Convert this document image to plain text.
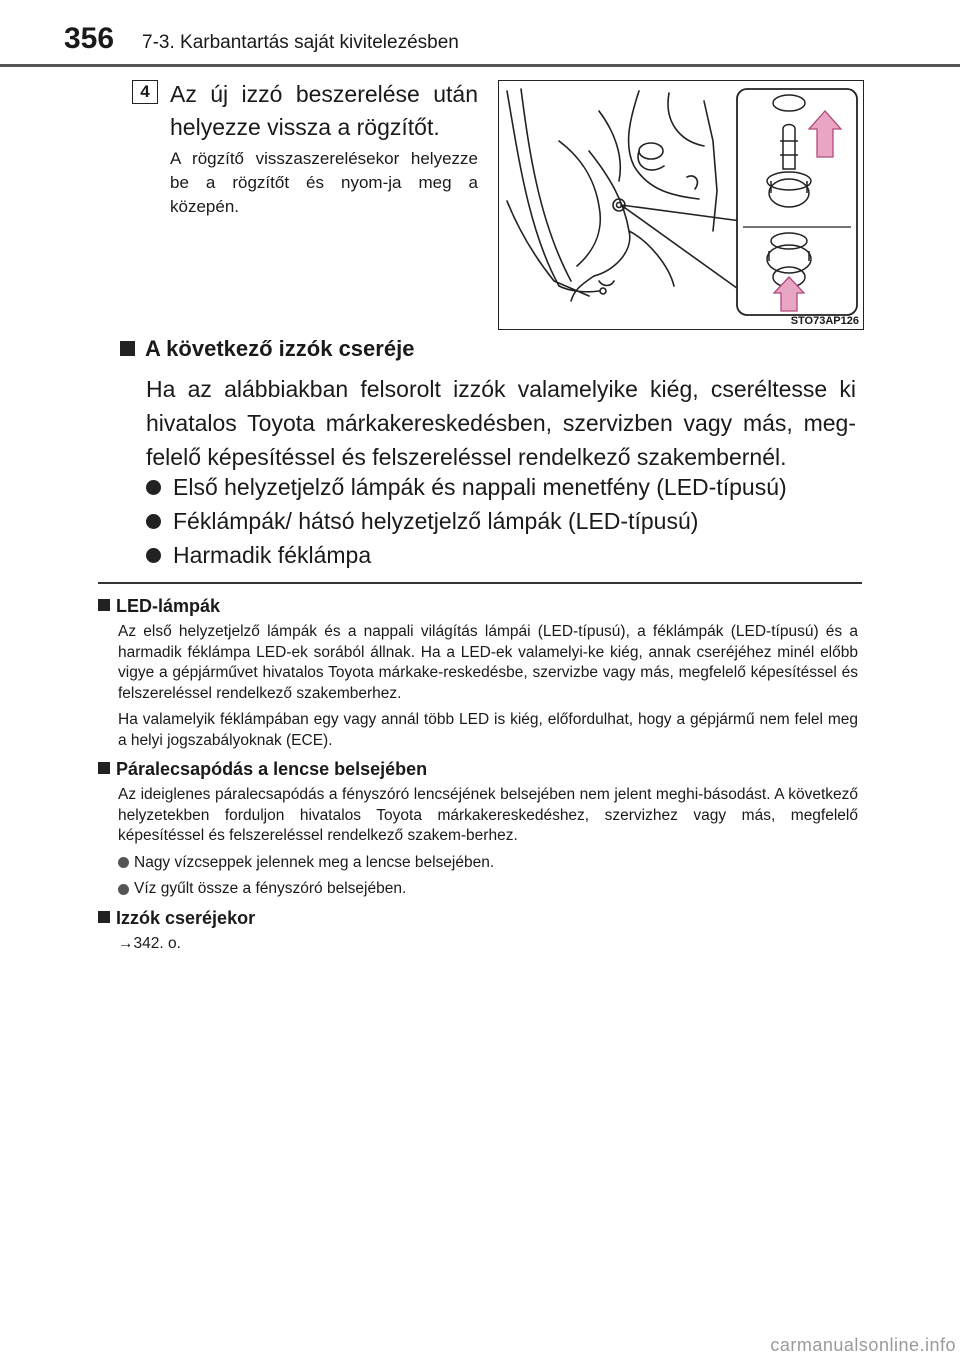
356 7-3. Karbantartás saját kivitelezésben
4 Az új izzó beszerelése után helyezze vissza a rögzítőt.
A rögzítő visszaszerelésekor helyezze be a rögzítőt és nyom-ja meg a közepén.
STO73AP126
A következő izzók cseréje
Ha az alábbiakban felsorolt izzók valamelyike kiég, cseréltesse ki hivatalos Toyota márkakereskedésben, szervizben vagy más, meg-felelő képesítéssel és felszereléssel rendelkező szakembernél.
Első helyzetjelző lámpák és nappali menetfény (LED-típusú)
Féklámpák/ hátsó helyzetjelző lámpák (LED-típusú)
Harmadik féklámpa
LED-lámpák
Az első helyzetjelző lámpák és a nappali világítás lámpái (LED-típusú), a féklámpák (LED-típusú) és a harmadik féklámpa LED-ek sorából állnak. Ha a LED-ek valamelyi-ke kiég, annak cseréjéhez minél előbb vigye a gépjárművet hivatalos Toyota márkake-reskedésbe, szervizbe vagy más, megfelelő képesítéssel és felszereléssel rendelkező szakemberhez.
Ha valamelyik féklámpában egy vagy annál több LED is kiég, előfordulhat, hogy a gépjármű nem felel meg a helyi jogszabályoknak (ECE).
Páralecsapódás a lencse belsejében
Az ideiglenes páralecsapódás a fényszóró lencséjének belsejében nem jelent meghi-básodást. A következő helyzetekben forduljon hivatalos Toyota márkakereskedéshez, szervizhez vagy más, megfelelő képesítéssel és felszereléssel rendelkező szakem-berhez.
Nagy vízcseppek jelennek meg a lencse belsejében.
Víz gyűlt össze a fényszóró belsejében.
Izzók cseréjekor
→342. o.
carmanualsonline.info
